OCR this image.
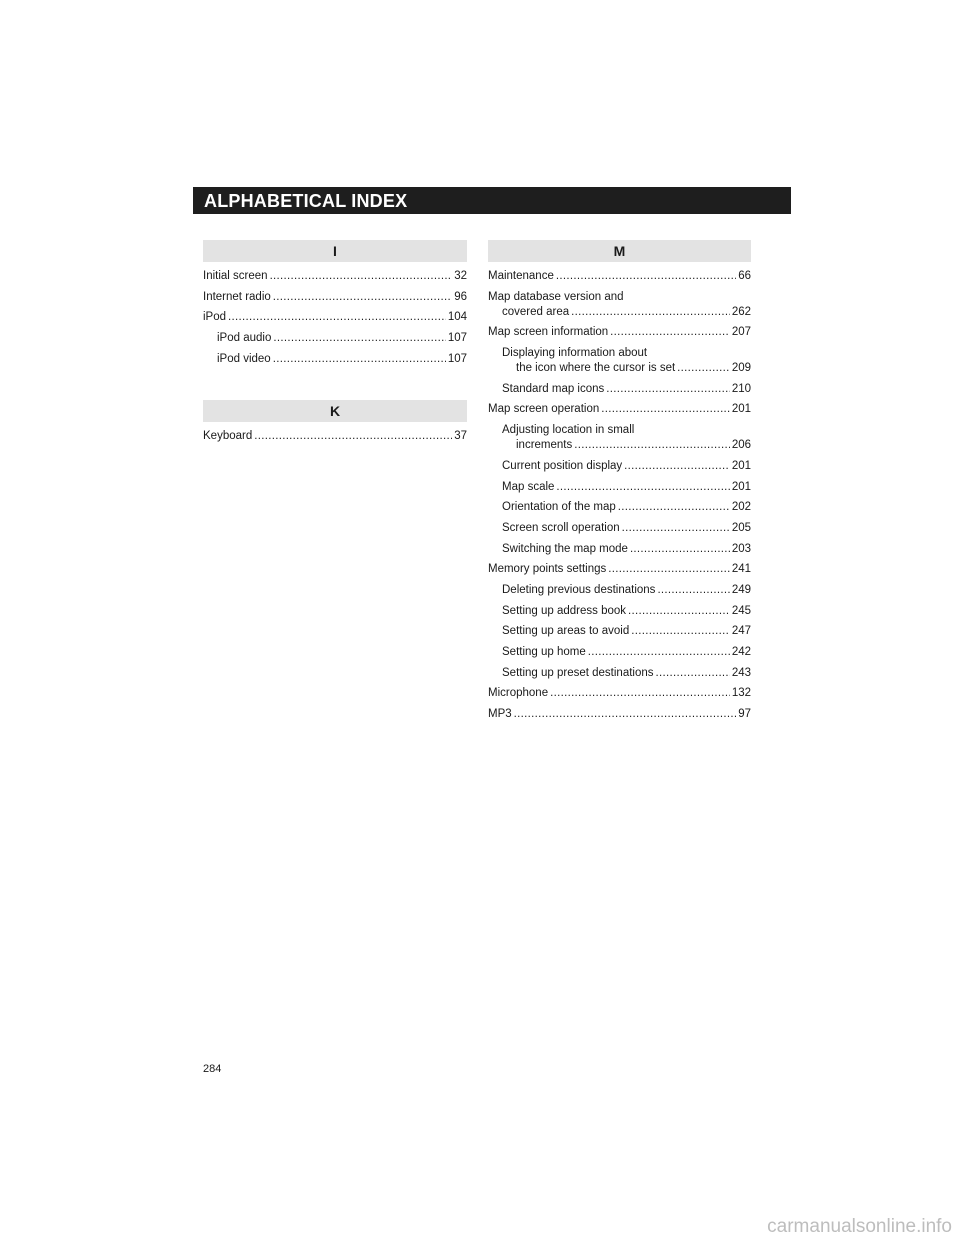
ALPHABETICAL INDEX
I
Initial screen .....	32
Internet radio .....	96
iPod .....	104
iPod audio .....	107
iPod video .....	107
K
Keyboard .....	37
M
Maintenance .....	66
Map database version and
covered area .....	262
Map screen information .....	207
Displaying information about
the icon where the cursor is set .....	209
Standard map icons .....	210
Map screen operation .....	201
Adjusting location in small
increments .....	206
Current position display .....	201
Map scale .....	201
Orientation of the map .....	202
Screen scroll operation .....	205
Switching the map mode .....	203
Memory points settings .....	241
Deleting previous destinations .....	249
Setting up address book .....	245
Setting up areas to avoid .....	247
Setting up home .....	242
Setting up preset destinations .....	243
Microphone .....	132
MP3 .....	97
284
carmanualsonline.info
